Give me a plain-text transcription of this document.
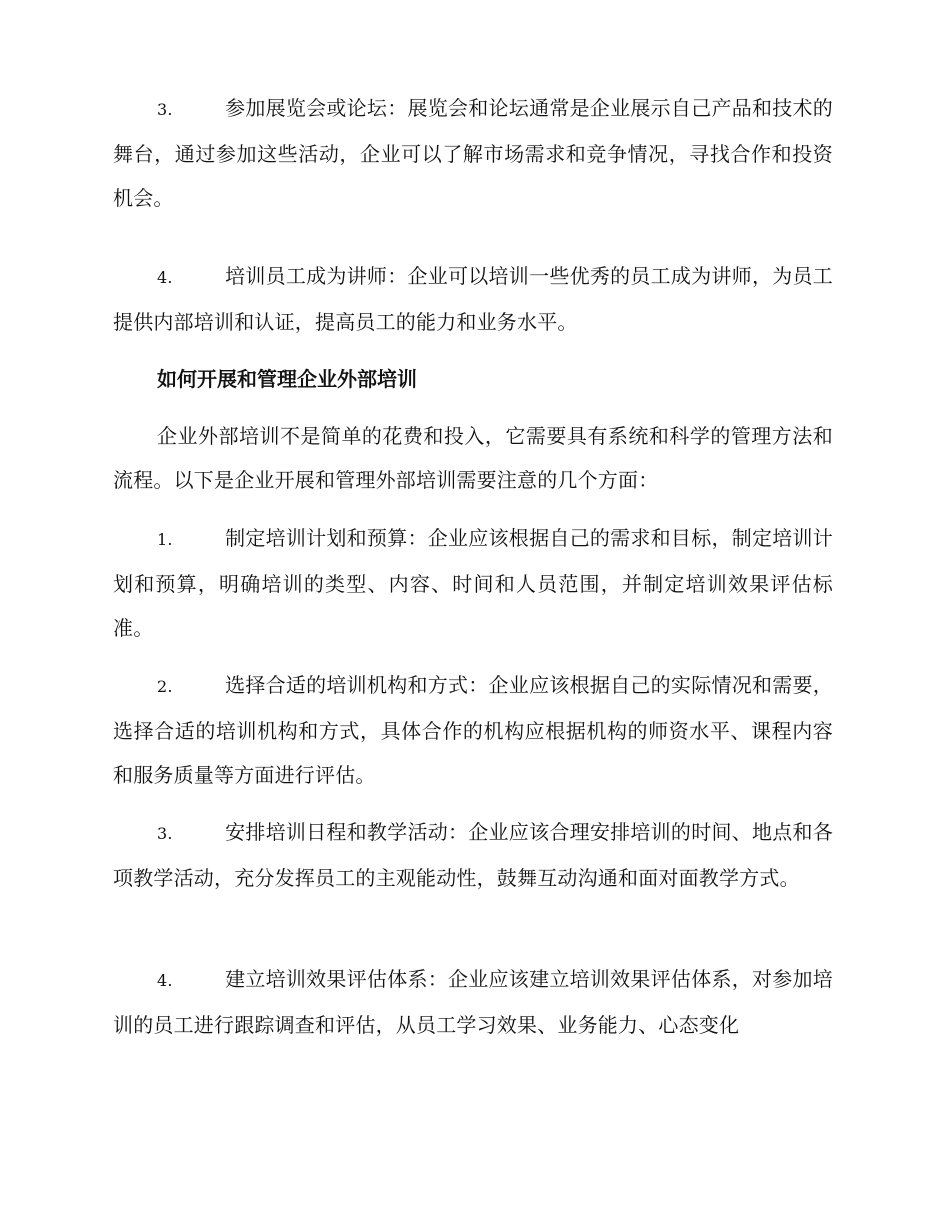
3.	参加展览会或论坛：展览会和论坛通常是企业展示自己产品和技术的舞台，通过参加这些活动，企业可以了解市场需求和竞争情况，寻找合作和投资机会。

4.	培训员工成为讲师：企业可以培训一些优秀的员工成为讲师，为员工提供内部培训和认证，提高员工的能力和业务水平。

如何开展和管理企业外部培训

企业外部培训不是简单的花费和投入，它需要具有系统和科学的管理方法和流程。以下是企业开展和管理外部培训需要注意的几个方面：

1.	制定培训计划和预算：企业应该根据自己的需求和目标，制定培训计划和预算，明确培训的类型、内容、时间和人员范围，并制定培训效果评估标准。

2.	选择合适的培训机构和方式：企业应该根据自己的实际情况和需要，选择合适的培训机构和方式，具体合作的机构应根据机构的师资水平、课程内容和服务质量等方面进行评估。

3.	安排培训日程和教学活动：企业应该合理安排培训的时间、地点和各项教学活动，充分发挥员工的主观能动性，鼓舞互动沟通和面对面教学方式。

4.	建立培训效果评估体系：企业应该建立培训效果评估体系，对参加培训的员工进行跟踪调查和评估，从员工学习效果、业务能力、心态变化
